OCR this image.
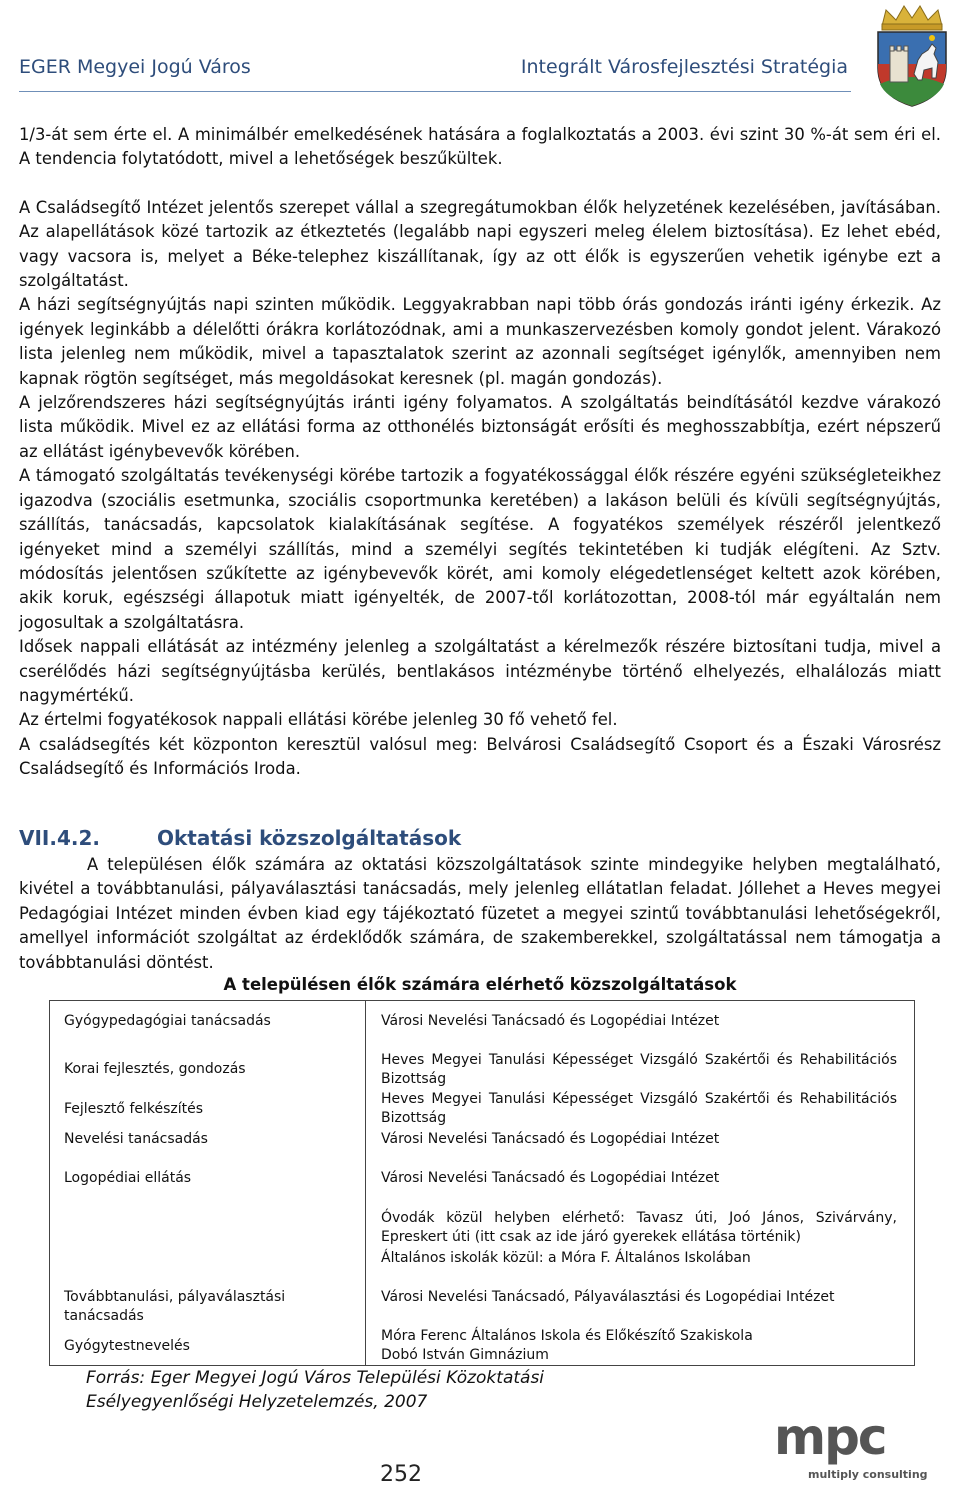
EGER Megyei Jogú Város	Integrált Városfejlesztési Stratégia

1/3-át sem érte el. A minimálbér emelkedésének hatására a foglalkoztatás a 2003. évi szint 30 %-át sem éri el. A tendencia folytatódott, mivel a lehetőségek beszűkültek.

A Családsegítő Intézet jelentős szerepet vállal a szegregátumokban élők helyzetének kezelésében, javításában. Az alapellátások közé tartozik az étkeztetés (legalább napi egyszeri meleg élelem biztosítása). Ez lehet ebéd, vagy vacsora is, melyet a Béke-telephez kiszállítanak, így az ott élők is egyszerűen vehetik igénybe ezt a szolgáltatást.

A házi segítségnyújtás napi szinten működik. Leggyakrabban napi több órás gondozás iránti igény érkezik. Az igények leginkább a délelőtti órákra korlátozódnak, ami a munkaszervezésben komoly gondot jelent. Várakozó lista jelenleg nem működik, mivel a tapasztalatok szerint az azonnali segítséget igénylők, amennyiben nem kapnak rögtön segítséget, más megoldásokat keresnek (pl. magán gondozás).

A jelzőrendszeres házi segítségnyújtás iránti igény folyamatos. A szolgáltatás beindításától kezdve várakozó lista működik. Mivel ez az ellátási forma az otthonélés biztonságát erősíti és meghosszabbítja, ezért népszerű az ellátást igénybevevők körében.

A támogató szolgáltatás tevékenységi körébe tartozik a fogyatékossággal élők részére egyéni szükségleteikhez igazodva (szociális esetmunka, szociális csoportmunka keretében) a lakáson belüli és kívüli segítségnyújtás, szállítás, tanácsadás, kapcsolatok kialakításának segítése. A fogyatékos személyek részéről jelentkező igényeket mind a személyi szállítás, mind a személyi segítés tekintetében ki tudják elégíteni. Az Sztv. módosítás jelentősen szűkítette az igénybevevők körét, ami komoly elégedetlenséget keltett azok körében, akik koruk, egészségi állapotuk miatt igényelték, de 2007-től korlátozottan, 2008-tól már egyáltalán nem jogosultak a szolgáltatásra.

Idősek nappali ellátását az intézmény jelenleg a szolgáltatást a kérelmezők részére biztosítani tudja, mivel a cserélődés házi segítségnyújtásba kerülés, bentlakásos intézménybe történő elhelyezés, elhalálozás miatt nagymértékű.

Az értelmi fogyatékosok nappali ellátási körébe jelenleg 30 fő vehető fel.

A családsegítés két központon keresztül valósul meg: Belvárosi Családsegítő Csoport és a Északi Városrész Családsegítő és Információs Iroda.

VII.4.2.	Oktatási közszolgáltatások
A településen élők számára az oktatási közszolgáltatások szinte mindegyike helyben megtalálható, kivétel a továbbtanulási, pályaválasztási tanácsadás, mely jelenleg ellátatlan feladat. Jóllehet a Heves megyei Pedagógiai Intézet minden évben kiad egy tájékoztató füzetet a megyei szintű továbbtanulási lehetőségekről, amellyel információt szolgáltat az érdeklődők számára, de szakemberekkel, szolgáltatással nem támogatja a továbbtanulási döntést.
A településen élők számára elérhető közszolgáltatások
Gyógypedagógiai tanácsadás
Korai fejlesztés, gondozás
Fejlesztő felkészítés
Nevelési tanácsadás
Logopédiai ellátás
Továbbtanulási, pályaválasztási tanácsadás
Gyógytestnevelés
Városi Nevelési Tanácsadó és Logopédiai Intézet
Heves Megyei Tanulási Képességet Vizsgáló Szakértői és Rehabilitációs Bizottság
Heves Megyei Tanulási Képességet Vizsgáló Szakértői és Rehabilitációs Bizottság
Városi Nevelési Tanácsadó és Logopédiai Intézet
Városi Nevelési Tanácsadó és Logopédiai Intézet
Óvodák közül helyben elérhető: Tavasz úti, Joó János, Szivárvány, Epreskert úti (itt csak az ide járó gyerekek ellátása történik)
Általános iskolák közül: a Móra F. Általános Iskolában
Városi Nevelési Tanácsadó, Pályaválasztási és Logopédiai Intézet
Móra Ferenc Általános Iskola és Előkészítő Szakiskola
Dobó István Gimnázium
Forrás: Eger Megyei Jogú Város Települési Közoktatási
Esélyegyenlőségi Helyzetelemzés, 2007
252
mpc
multiply consulting
